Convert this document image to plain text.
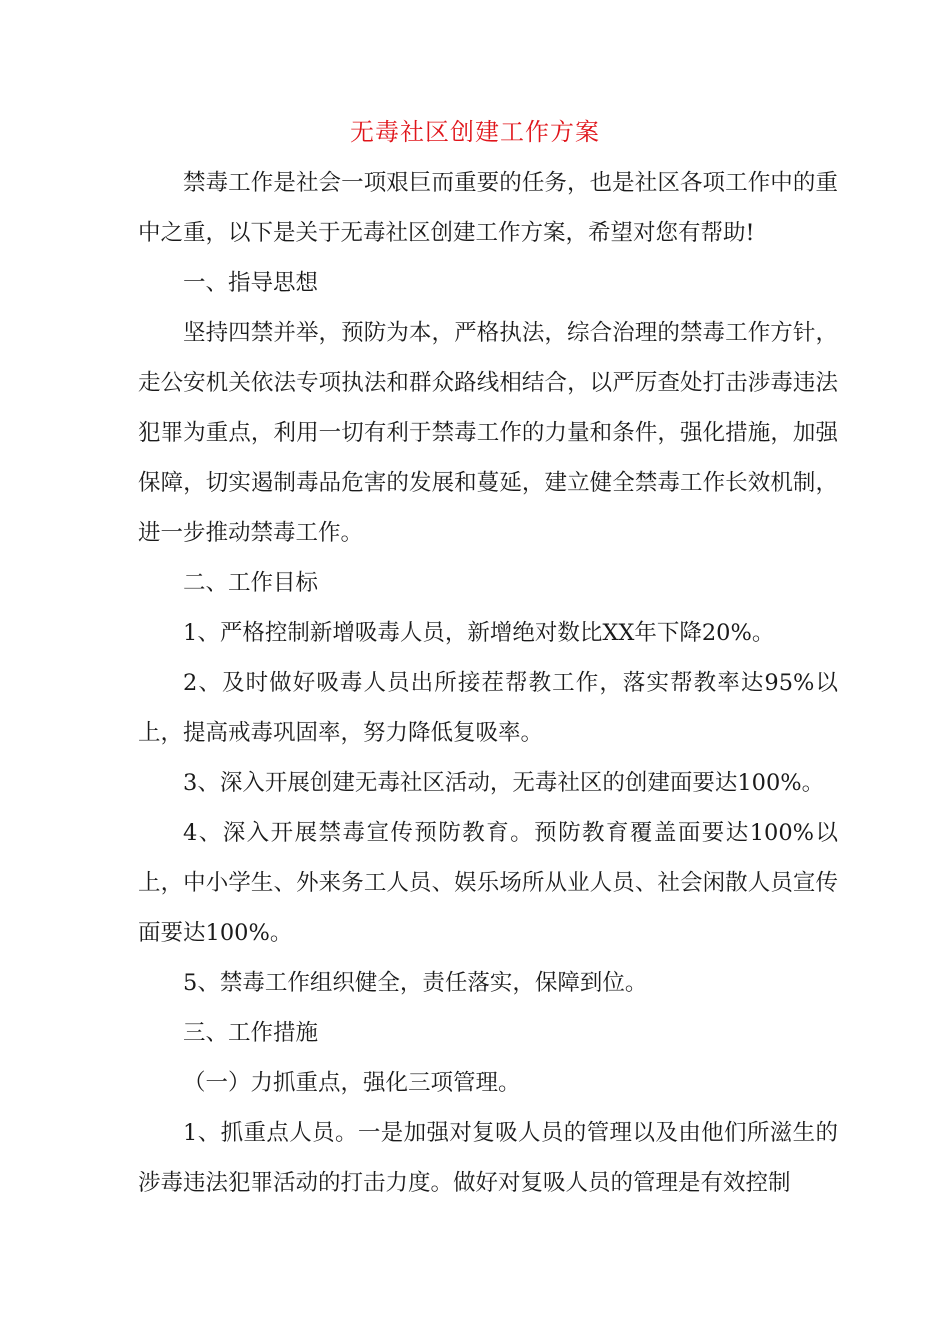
无毒社区创建工作方案

禁毒工作是社会一项艰巨而重要的任务，也是社区各项工作中的重中之重，以下是关于无毒社区创建工作方案，希望对您有帮助!

一、指导思想

坚持四禁并举，预防为本，严格执法，综合治理的禁毒工作方针，走公安机关依法专项执法和群众路线相结合，以严厉查处打击涉毒违法犯罪为重点，利用一切有利于禁毒工作的力量和条件，强化措施，加强保障，切实遏制毒品危害的发展和蔓延，建立健全禁毒工作长效机制，进一步推动禁毒工作。

二、工作目标

1、严格控制新增吸毒人员，新增绝对数比XX年下降20%。

2、及时做好吸毒人员出所接茬帮教工作，落实帮教率达95%以上，提高戒毒巩固率，努力降低复吸率。

3、深入开展创建无毒社区活动，无毒社区的创建面要达100%。

4、深入开展禁毒宣传预防教育。预防教育覆盖面要达100%以上，中小学生、外来务工人员、娱乐场所从业人员、社会闲散人员宣传面要达100%。

5、禁毒工作组织健全，责任落实，保障到位。

三、工作措施

（一）力抓重点，强化三项管理。

1、抓重点人员。一是加强对复吸人员的管理以及由他们所滋生的涉毒违法犯罪活动的打击力度。做好对复吸人员的管理是有效控制
